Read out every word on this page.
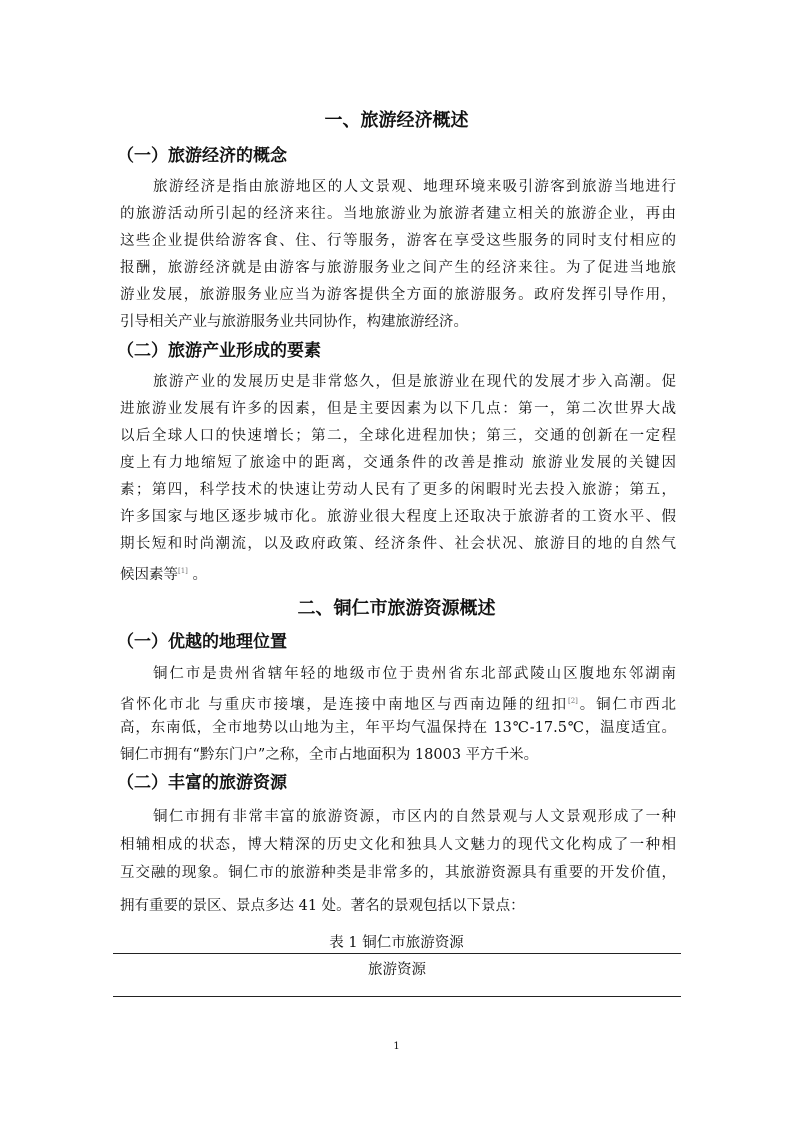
一、旅游经济概述
（一）旅游经济的概念
旅游经济是指由旅游地区的人文景观、地理环境来吸引游客到旅游当地进行
的旅游活动所引起的经济来往。当地旅游业为旅游者建立相关的旅游企业，再由
这些企业提供给游客食、住、行等服务，游客在享受这些服务的同时支付相应的
报酬，旅游经济就是由游客与旅游服务业之间产生的经济来往。为了促进当地旅
游业发展，旅游服务业应当为游客提供全方面的旅游服务。政府发挥引导作用，
引导相关产业与旅游服务业共同协作，构建旅游经济。
（二）旅游产业形成的要素
旅游产业的发展历史是非常悠久，但是旅游业在现代的发展才步入高潮。促
进旅游业发展有许多的因素，但是主要因素为以下几点：第一，第二次世界大战
以后全球人口的快速增长；第二，全球化进程加快；第三，交通的创新在一定程
度上有力地缩短了旅途中的距离，交通条件的改善是推动 旅游业发展的关键因
素；第四，科学技术的快速让劳动人民有了更多的闲暇时光去投入旅游；第五，
许多国家与地区逐步城市化。旅游业很大程度上还取决于旅游者的工资水平、假
期长短和时尚潮流，以及政府政策、经济条件、社会状况、旅游目的地的自然气
候因素等[1] 。
二、铜仁市旅游资源概述
（一）优越的地理位置
铜仁市是贵州省辖年轻的地级市位于贵州省东北部武陵山区腹地东邻湖南
省怀化市北 与重庆市接壤，是连接中南地区与西南边陲的纽扣[2]。铜仁市西北
高，东南低，全市地势以山地为主，年平均气温保持在 13℃-17.5℃，温度适宜。
铜仁市拥有“黔东门户”之称，全市占地面积为 18003 平方千米。
（二）丰富的旅游资源
铜仁市拥有非常丰富的旅游资源，市区内的自然景观与人文景观形成了一种
相辅相成的状态，博大精深的历史文化和独具人文魅力的现代文化构成了一种相
互交融的现象。铜仁市的旅游种类是非常多的，其旅游资源具有重要的开发价值，
拥有重要的景区、景点多达 41 处。著名的景观包括以下景点：
表 1 铜仁市旅游资源
旅游资源
1
